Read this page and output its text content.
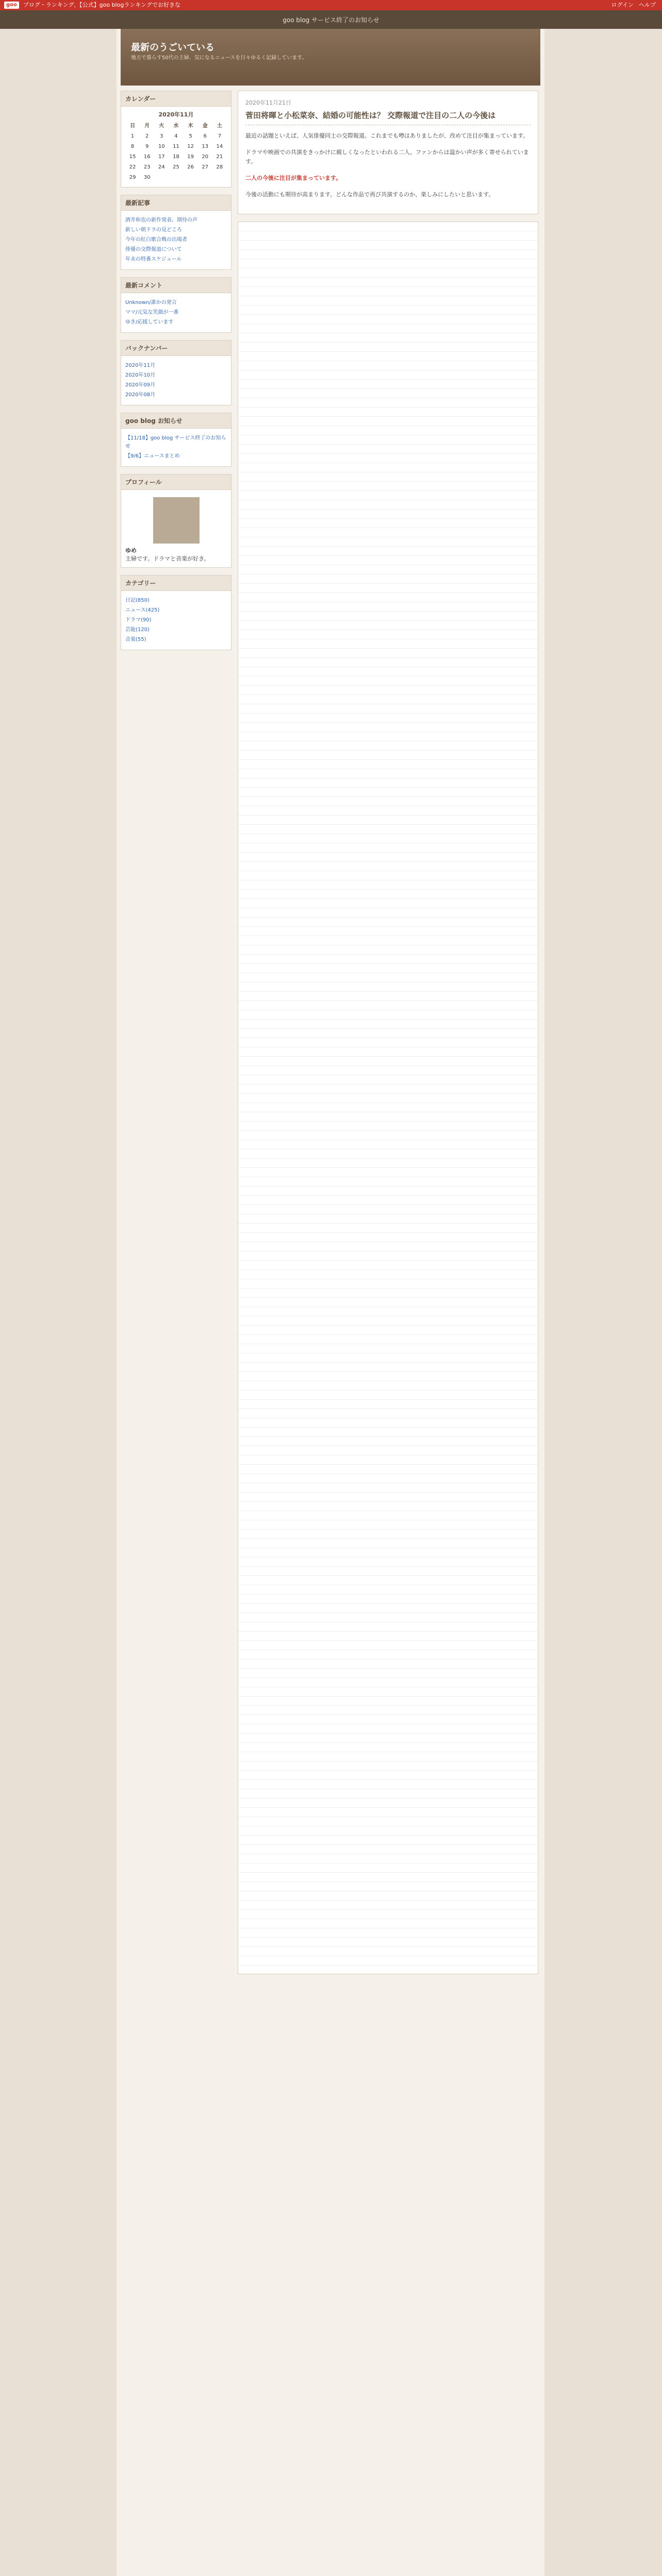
goo	ブログ・ランキング、【公式】goo blogランキングでお好きな	ログイン ヘルプ
goo blog サービス終了のお知らせ
最新のうごいている
地方で暮らす50代の主婦、気になるニュースを日々ゆるく記録しています。
カレンダー
2020年11月
日	月	火	水	木	金	土
1	2	3	4	5	6	7
8	9	10	11	12	13	14
15	16	17	18	19	20	21
22	23	24	25	26	27	28
29	30					
最新記事
酒井和也の新作発表、期待の声
新しい朝ドラの見どころ
今年の紅白歌合戦の出場者
俳優の交際報道について
年末の特番スケジュール
最新コメント
Unknown/誰かの発言
ママ/元気な笑顔が一番
ゆき/応援しています
バックナンバー
2020年11月
2020年10月
2020年09月
2020年08月
goo blog お知らせ
【11/18】goo blog サービス終了のお知らせ
【9/6】ニュースまとめ
プロフィール
ゆめ
主婦です。ドラマと音楽が好き。
カテゴリー
日記(850)
ニュース(425)
ドラマ(90)
芸能(120)
音楽(55)
2020年11月21日
菅田将暉と小松菜奈、結婚の可能性は？ 交際報道で注目の二人の今後は

最近の話題といえば、人気俳優同士の交際報道。これまでも噂はありましたが、改めて注目が集まっています。

ドラマや映画での共演をきっかけに親しくなったといわれる二人。ファンからは温かい声が多く寄せられています。

二人の今後に注目が集まっています。

今後の活動にも期待が高まります。どんな作品で再び共演するのか、楽しみにしたいと思います。
